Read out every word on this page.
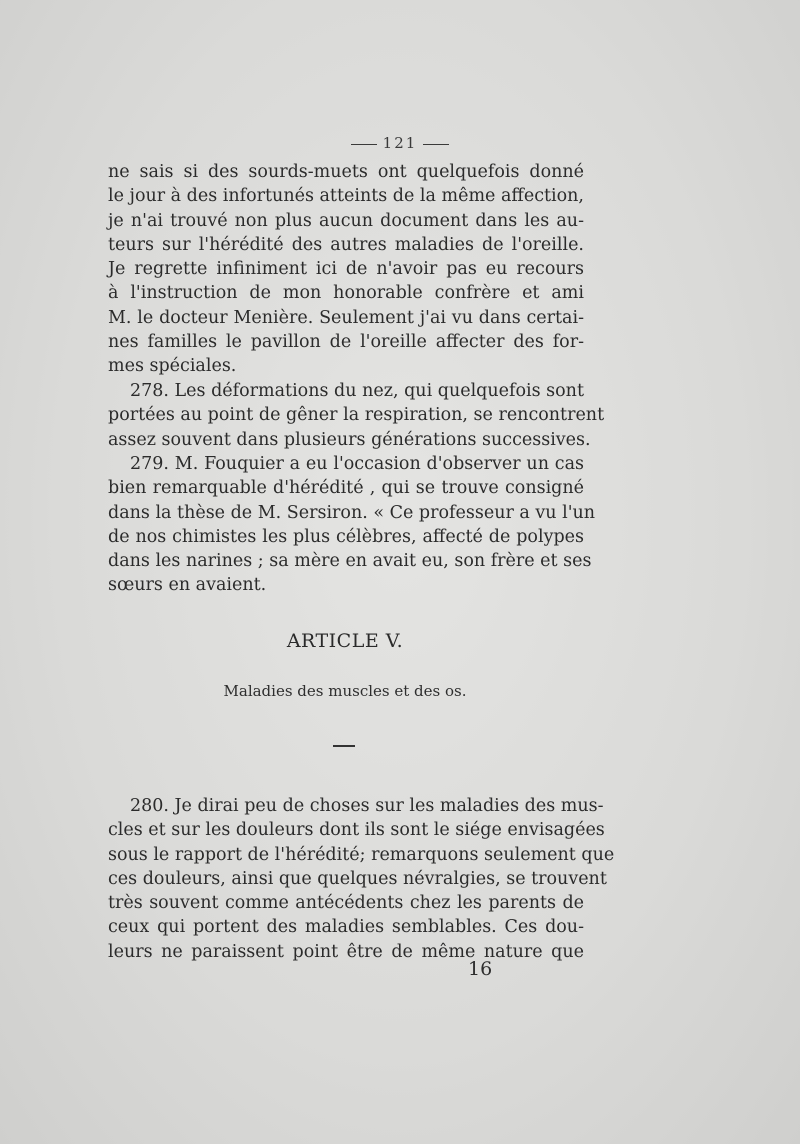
121
ne sais si des sourds-muets ont quelquefois donné
le jour à des infortunés atteints de la même affection,
je n'ai trouvé non plus aucun document dans les au-
teurs sur l'hérédité des autres maladies de l'oreille.
Je regrette infiniment ici de n'avoir pas eu recours
à l'instruction de mon honorable confrère et ami
M. le docteur Menière. Seulement j'ai vu dans certai-
nes familles le pavillon de l'oreille affecter des for-
mes spéciales.
278. Les déformations du nez, qui quelquefois sont
portées au point de gêner la respiration, se rencontrent
assez souvent dans plusieurs générations successives.
279. M. Fouquier a eu l'occasion d'observer un cas
bien remarquable d'hérédité , qui se trouve consigné
dans la thèse de M. Sersiron. « Ce professeur a vu l'un
de nos chimistes les plus célèbres, affecté de polypes
dans les narines ; sa mère en avait eu, son frère et ses
sœurs en avaient.
ARTICLE V.
Maladies des muscles et des os.
280. Je dirai peu de choses sur les maladies des mus-
cles et sur les douleurs dont ils sont le siége envisagées
sous le rapport de l'hérédité; remarquons seulement que
ces douleurs, ainsi que quelques névralgies, se trouvent
très souvent comme antécédents chez les parents de
ceux qui portent des maladies semblables. Ces dou-
leurs ne paraissent point être de même nature que
16
